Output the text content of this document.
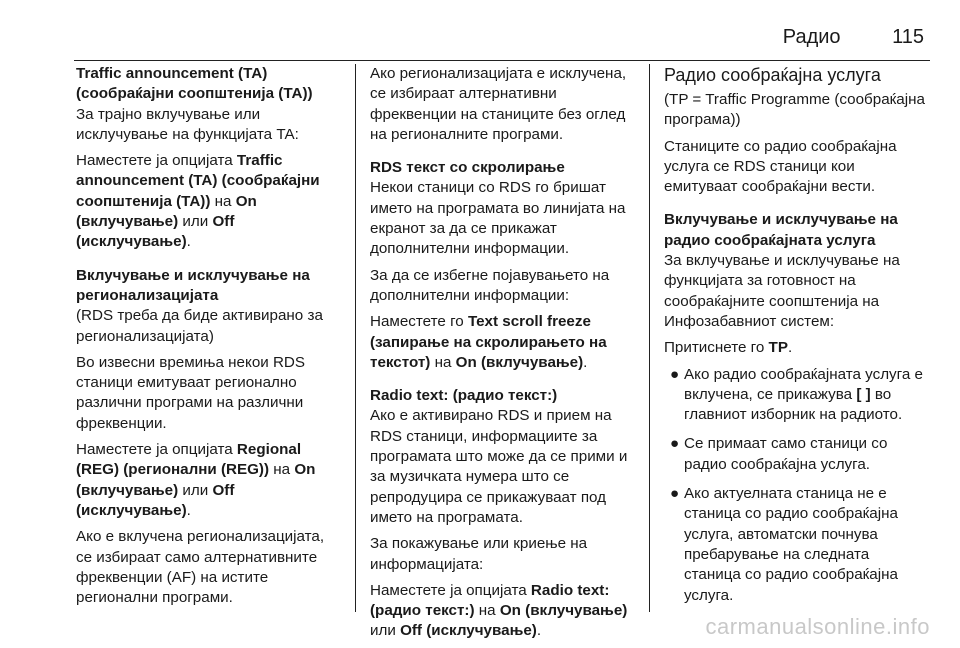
Радио	115

Traffic announcement (TA) (сообраќајни соопштенија (TA))

За трајно вклучување или исклучување на функцијата TA:

Наместете ја опцијата Traffic announcement (TA) (сообраќајни соопштенија (TA)) на On (вклучување) или Off (исклучување).

Вклучување и исклучување на регионализацијата

(RDS треба да биде активирано за регионализацијата)

Во извесни времиња некои RDS станици емитуваат регионално различни програми на различни фреквенции.

Наместете ја опцијата Regional (REG) (регионални (REG)) на On (вклучување) или Off (исклучување).

Ако е вклучена регионализацијата, се избираат само алтернативните фреквенции (AF) на истите регионални програми.

Ако регионализацијата е исклучена, се избираат алтернативни фреквенции на станиците без оглед на регионалните програми.

RDS текст со скролирање

Некои станици со RDS го бришат името на програмата во линијата на екранот за да се прикажат дополнителни информации.

За да се избегне појавувањето на дополнителни информации:

Наместете го Text scroll freeze (запирање на скролирањето на текстот) на On (вклучување).

Radio text: (радио текст:)

Ако е активирано RDS и прием на RDS станици, информациите за програмата што може да се прими и за музичката нумера што се репродуцира се прикажуваат под името на програмата.

За покажување или криење на информацијата:

Наместете ја опцијата Radio text: (радио текст:) на On (вклучување) или Off (исклучување).

Радио сообраќајна услуга

(TP = Traffic Programme (сообраќајна програма))

Станиците со радио сообраќајна услуга се RDS станици кои емитуваат сообраќајни вести.

Вклучување и исклучување на радио сообраќајната услуга

За вклучување и исклучување на функцијата за готовност на сообраќајните соопштенија на Инфозабавниот систем:

Притиснете го TP.

● Ако радио сообраќајната услуга е вклучена, се прикажува [ ] во главниот изборник на радиото.
● Се примаат само станици со радио сообраќајна услуга.
● Ако актуелната станица не е станица со радио сообраќајна услуга, автоматски почнува пребарување на следната станица со радио сообраќајна услуга.
carmanualsonline.info
